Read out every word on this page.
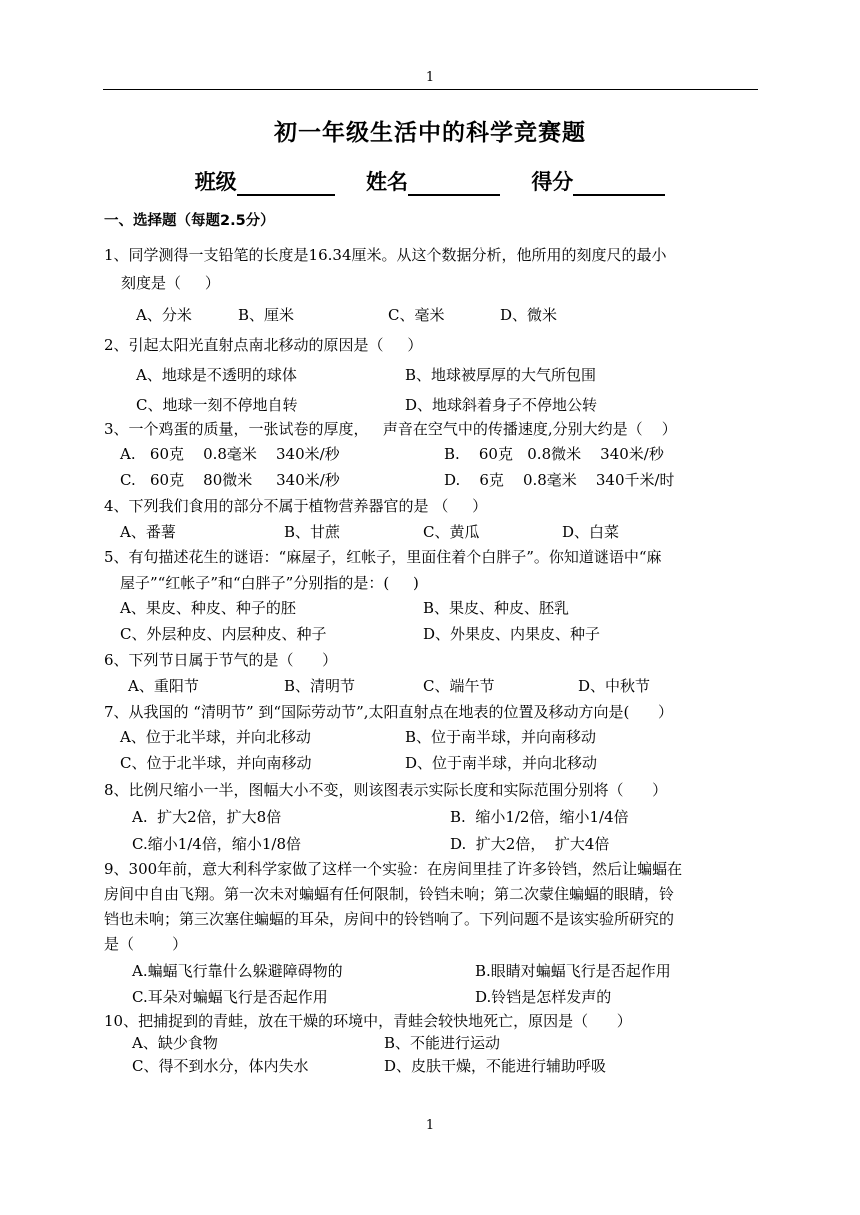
1
初一年级生活中的科学竞赛题
班级	姓名	得分
一、选择题（每题2.5分）
1、同学测得一支铅笔的长度是16.34厘米。从这个数据分析，他所用的刻度尺的最小
刻度是（     ）
A、分米	B、厘米	C、毫米	D、微米
2、引起太阳光直射点南北移动的原因是（     ）
A、地球是不透明的球体	B、地球被厚厚的大气所包围
C、地球一刻不停地自转	D、地球斜着身子不停地公转
3、一个鸡蛋的质量，一张试卷的厚度，   声音在空气中的传播速度,分别大约是（    ）
A.   60克    0.8毫米    340米/秒	B.    60克   0.8微米    340米/秒
C.   60克    80微米     340米/秒	D.    6克    0.8毫米    340千米/时
4、下列我们食用的部分不属于植物营养器官的是 （     ）
A、番薯	B、甘蔗	C、黄瓜	D、白菜
5、有句描述花生的谜语：“麻屋子，红帐子，里面住着个白胖子”。你知道谜语中“麻
屋子”“红帐子”和“白胖子”分别指的是：(     )
A、果皮、种皮、种子的胚	B、果皮、种皮、胚乳
C、外层种皮、内层种皮、种子	D、外果皮、内果皮、种子
6、下列节日属于节气的是（      ）
A、重阳节	B、清明节	C、端午节	D、中秋节
7、从我国的 “清明节” 到“国际劳动节”,太阳直射点在地表的位置及移动方向是(      ）
A、位于北半球，并向北移动	B、位于南半球，并向南移动
C、位于北半球，并向南移动	D、位于南半球，并向北移动
8、比例尺缩小一半，图幅大小不变，则该图表示实际长度和实际范围分别将（      ）
A.  扩大2倍，扩大8倍	B.  缩小1/2倍，缩小1/4倍
C.缩小1/4倍，缩小1/8倍	D.  扩大2倍，  扩大4倍
9、300年前，意大利科学家做了这样一个实验：在房间里挂了许多铃铛，然后让蝙蝠在
房间中自由飞翔。第一次未对蝙蝠有任何限制，铃铛未响；第二次蒙住蝙蝠的眼睛，铃
铛也未响；第三次塞住蝙蝠的耳朵，房间中的铃铛响了。下列问题不是该实验所研究的
是（        ）
A.蝙蝠飞行靠什么躲避障碍物的	B.眼睛对蝙蝠飞行是否起作用
C.耳朵对蝙蝠飞行是否起作用	D.铃铛是怎样发声的
10、把捕捉到的青蛙，放在干燥的环境中，青蛙会较快地死亡，原因是（      ）
A、缺少食物	B、不能进行运动
C、得不到水分，体内失水	D、皮肤干燥，不能进行辅助呼吸
1
